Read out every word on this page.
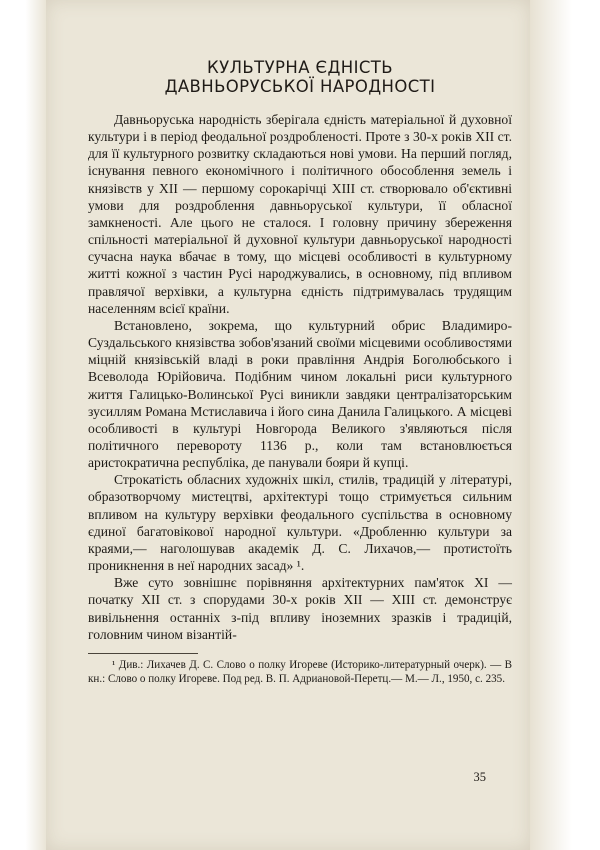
КУЛЬТУРНА ЄДНІСТЬ
ДАВНЬОРУСЬКОЇ НАРОДНОСТІ

Давньоруська народність зберігала єдність матеріальної й духовної культури і в період феодальної роздробленості. Проте з 30-х років XII ст. для її культурного розвитку складаються нові умови. На перший погляд, існування певного економічного і політичного обособлення земель і князівств у XII — першому сорокарічці XIII ст. створювало об'єктивні умови для роздроблення давньоруської культури, її обласної замкненості. Але цього не сталося. І головну причину збереження спільності матеріальної й духовної культури давньоруської народності сучасна наука вбачає в тому, що місцеві особливості в культурному житті кожної з частин Русі народжувались, в основному, під впливом правлячої верхівки, а культурна єдність підтримувалась трудящим населенням всієї країни.

Встановлено, зокрема, що культурний обрис Владимиро-Суздальського князівства зобов'язаний своїми місцевими особливостями міцній князівській владі в роки правління Андрія Боголюбського і Всеволода Юрійовича. Подібним чином локальні риси культурного життя Галицько-Волинської Русі виникли завдяки централізаторським зусиллям Романа Мстиславича і його сина Данила Галицького. А місцеві особливості в культурі Новгорода Великого з'являються після політичного перевороту 1136 р., коли там встановлюється аристократична республіка, де панували бояри й купці.

Строкатість обласних художніх шкіл, стилів, традицій у літературі, образотворчому мистецтві, архітектурі тощо стримується сильним впливом на культуру верхівки феодального суспільства в основному єдиної багатовікової народної культури. «Дробленню культури за краями,— наголошував академік Д. С. Лихачов,— протистоїть проникнення в неї народних засад» ¹.

Вже суто зовнішнє порівняння архітектурних пам'яток XI — початку XII ст. з спорудами 30-х років XII — XIII ст. демонструє вивільнення останніх з-під впливу іноземних зразків і традицій, головним чином візантій-

¹ Див.: Лихачев Д. С. Слово о полку Игореве (Историко-литературный очерк). — В кн.: Слово о полку Игореве. Под ред. В. П. Адриановой-Перетц.— М.— Л., 1950, с. 235.

35
